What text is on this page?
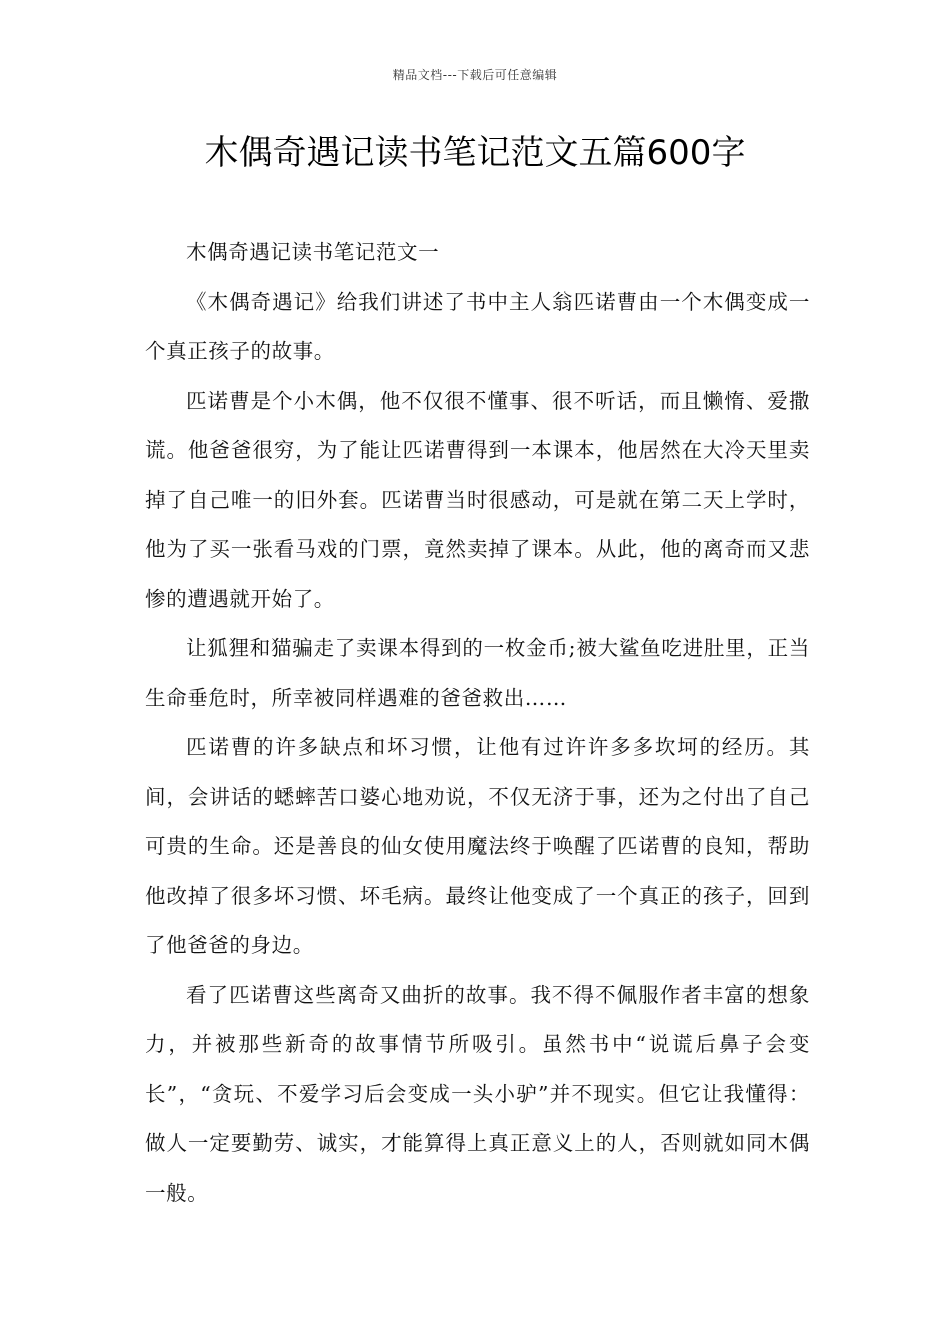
精品文档---下载后可任意编辑
木偶奇遇记读书笔记范文五篇600字

木偶奇遇记读书笔记范文一

《木偶奇遇记》给我们讲述了书中主人翁匹诺曹由一个木偶变成一个真正孩子的故事。

匹诺曹是个小木偶，他不仅很不懂事、很不听话，而且懒惰、爱撒谎。他爸爸很穷，为了能让匹诺曹得到一本课本，他居然在大冷天里卖掉了自己唯一的旧外套。匹诺曹当时很感动，可是就在第二天上学时，他为了买一张看马戏的门票，竟然卖掉了课本。从此，他的离奇而又悲惨的遭遇就开始了。

让狐狸和猫骗走了卖课本得到的一枚金币;被大鲨鱼吃进肚里，正当生命垂危时，所幸被同样遇难的爸爸救出……

匹诺曹的许多缺点和坏习惯，让他有过许许多多坎坷的经历。其间，会讲话的蟋蟀苦口婆心地劝说，不仅无济于事，还为之付出了自己可贵的生命。还是善良的仙女使用魔法终于唤醒了匹诺曹的良知，帮助他改掉了很多坏习惯、坏毛病。最终让他变成了一个真正的孩子，回到了他爸爸的身边。

看了匹诺曹这些离奇又曲折的故事。我不得不佩服作者丰富的想象力，并被那些新奇的故事情节所吸引。虽然书中“说谎后鼻子会变长”，“贪玩、不爱学习后会变成一头小驴”并不现实。但它让我懂得：做人一定要勤劳、诚实，才能算得上真正意义上的人，否则就如同木偶一般。
